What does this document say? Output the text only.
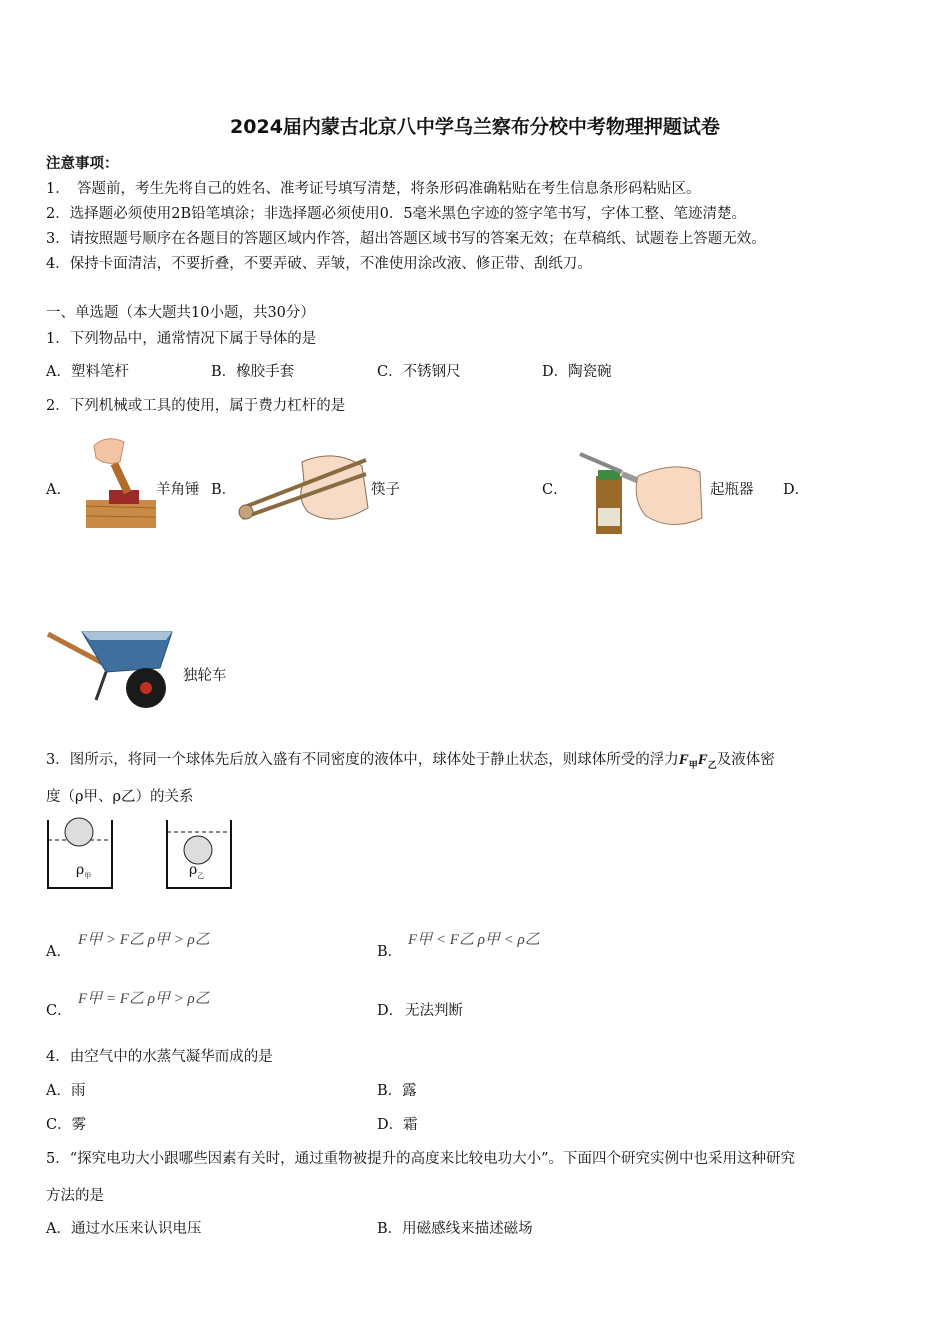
2024届内蒙古北京八中学乌兰察布分校中考物理押题试卷
注意事项：
1．　答题前，考生先将自己的姓名、准考证号填写清楚，将条形码准确粘贴在考生信息条形码粘贴区。
2．选择题必须使用2B铅笔填涂；非选择题必须使用0．5毫米黑色字迹的签字笔书写，字体工整、笔迹清楚。
3．请按照题号顺序在各题目的答题区域内作答，超出答题区域书写的答案无效；在草稿纸、试题卷上答题无效。
4．保持卡面清洁，不要折叠，不要弄破、弄皱，不准使用涂改液、修正带、刮纸刀。
一、单选题（本大题共10小题，共30分）
1．下列物品中，通常情况下属于导体的是
A．塑料笔杆	B．橡胶手套	C．不锈钢尺	D．陶瓷碗
2．下列机械或工具的使用，属于费力杠杆的是
A．	羊角锤 B．	筷子	C．	起瓶器 D．
独轮车
3．图所示，将同一个球体先后放入盛有不同密度的液体中，球体处于静止状态，则球体所受的浮力$F_甲F_乙$及液体密
度（ρ甲、ρ乙）的关系
$\rho_甲$	$\rho_乙$
A．
F甲 > F乙 ρ甲 > ρ乙
B．
F甲 < F乙 ρ甲 < ρ乙
C．
F甲 = F乙 ρ甲 > ρ乙
D． 无法判断
4．由空气中的水蒸气凝华而成的是
A．雨	B．露
C．雾	D．霜
5．“探究电功大小跟哪些因素有关时，通过重物被提升的高度来比较电功大小”。下面四个研究实例中也采用这种研究
方法的是
A．通过水压来认识电压	B．用磁感线来描述磁场
